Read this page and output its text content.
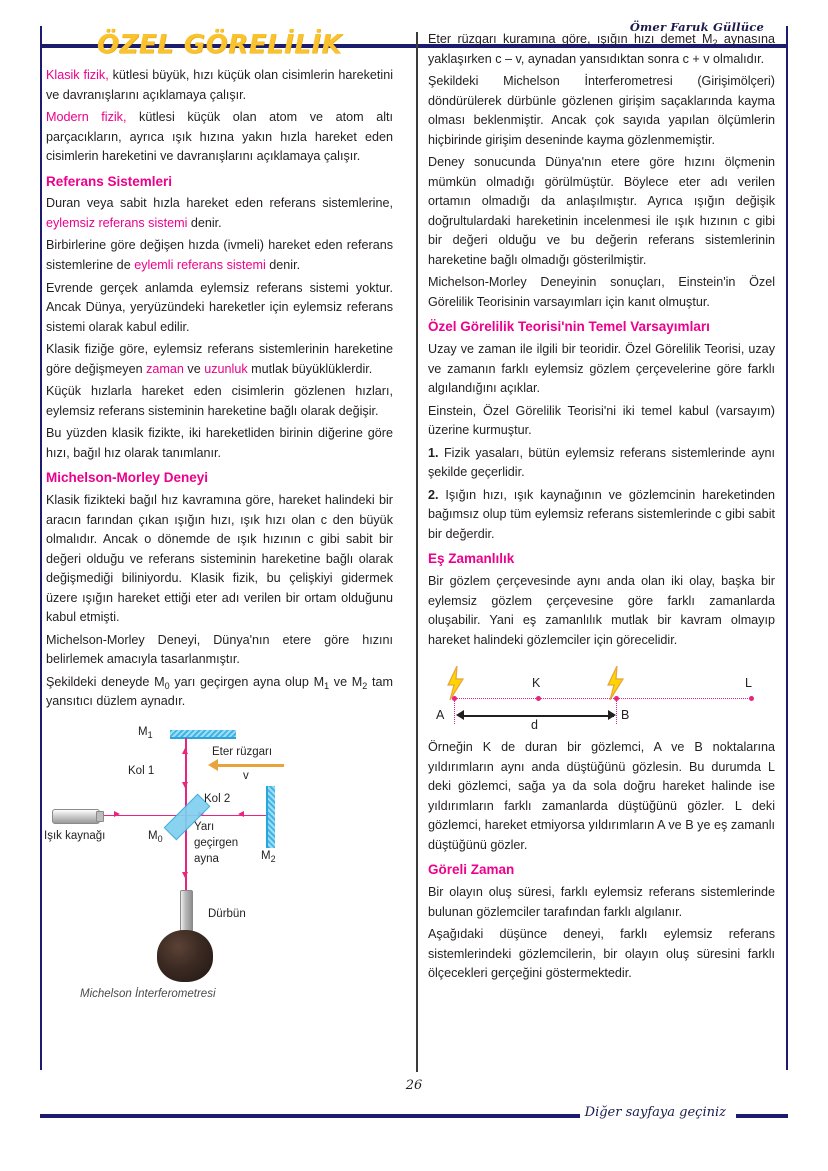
Ömer Faruk Güllüce
ÖZEL GÖRELİLİK

Klasik fizik, kütlesi büyük, hızı küçük olan cisimlerin hareketini ve davranışlarını açıklamaya çalışır.

Modern fizik, kütlesi küçük olan atom ve atom altı parçacıkların, ayrıca ışık hızına yakın hızla hareket eden cisimlerin hareketini ve davranışlarını açıklamaya çalışır.

Referans Sistemleri

Duran veya sabit hızla hareket eden referans sistemlerine, eylemsiz referans sistemi denir.

Birbirlerine göre değişen hızda (ivmeli) hareket eden referans sistemlerine de eylemli referans sistemi denir.

Evrende gerçek anlamda eylemsiz referans sistemi yoktur. Ancak Dünya, yeryüzündeki hareketler için eylemsiz referans sistemi olarak kabul edilir.

Klasik fiziğe göre, eylemsiz referans sistemlerinin hareketine göre değişmeyen zaman ve uzunluk mutlak büyüklüklerdir.

Küçük hızlarla hareket eden cisimlerin gözlenen hızları, eylemsiz referans sisteminin hareketine bağlı olarak değişir.

Bu yüzden klasik fizikte, iki hareketliden birinin diğerine göre hızı, bağıl hız olarak tanımlanır.

Michelson-Morley Deneyi

Klasik fizikteki bağıl hız kavramına göre, hareket halindeki bir aracın farından çıkan ışığın hızı, ışık hızı olan c den büyük olmalıdır. Ancak o dönemde de ışık hızının c gibi sabit bir değeri olduğu ve referans sisteminin hareketine bağlı olarak değişmediği biliniyordu. Klasik fizik, bu çelişkiyi gidermek üzere ışığın hareket ettiği eter adı verilen bir ortam olduğunu kabul etmişti.

Michelson-Morley Deneyi, Dünya'nın etere göre hızını belirlemek amacıyla tasarlanmıştır.

Şekildeki deneyde $M_0$ yarı geçirgen ayna olup $M_1$ ve $M_2$ tam yansıtıcı düzlem aynadır.

$M_1$
Kol 1
$M_0$
Yarı
geçirgen
ayna
Kol 2
$M_2$
Işık kaynağı
Eter rüzgarı
v
Dürbün
Michelson İnterferometresi

Eter rüzgarı kuramına göre, ışığın hızı demet $M_2$ aynasına yaklaşırken c – v, aynadan yansıdıktan sonra c + v olmalıdır.

Şekildeki Michelson İnterferometresi (Girişimölçeri) döndürülerek dürbünle gözlenen girişim saçaklarında kayma olması beklenmiştir. Ancak çok sayıda yapılan ölçümlerin hiçbirinde girişim deseninde kayma gözlenmemiştir.

Deney sonucunda Dünya'nın etere göre hızını ölçmenin mümkün olmadığı görülmüştür. Böylece eter adı verilen ortamın olmadığı da anlaşılmıştır. Ayrıca ışığın değişik doğrultulardaki hareketinin incelenmesi ile ışık hızının c gibi bir değeri olduğu ve bu değerin referans sistemlerinin hareketine bağlı olmadığı gösterilmiştir.

Michelson-Morley Deneyinin sonuçları, Einstein'in Özel Görelilik Teorisinin varsayımları için kanıt olmuştur.

Özel Görelilik Teorisi'nin Temel Varsayımları

Uzay ve zaman ile ilgili bir teoridir. Özel Görelilik Teorisi, uzay ve zamanın farklı eylemsiz gözlem çerçevelerine göre farklı algılandığını açıklar.

Einstein, Özel Görelilik Teorisi'ni iki temel kabul (varsayım) üzerine kurmuştur.

1. Fizik yasaları, bütün eylemsiz referans sistemlerinde aynı şekilde geçerlidir.

2. Işığın hızı, ışık kaynağının ve gözlemcinin hareketinden bağımsız olup tüm eylemsiz referans sistemlerinde c gibi sabit bir değerdir.

Eş Zamanlılık

Bir gözlem çerçevesinde aynı anda olan iki olay, başka bir eylemsiz gözlem çerçevesine göre farklı zamanlarda oluşabilir. Yani eş zamanlılık mutlak bir kavram olmayıp hareket halindeki gözlemciler için görecelidir.

K	L
A	B
d

Örneğin K de duran bir gözlemci, A ve B noktalarına yıldırımların aynı anda düştüğünü gözlesin. Bu durumda L deki gözlemci, sağa ya da sola doğru hareket halinde ise yıldırımların farklı zamanlarda düştüğünü gözler. L deki gözlemci, hareket etmiyorsa yıldırımların A ve B ye eş zamanlı düştüğünü gözler.

Göreli Zaman

Bir olayın oluş süresi, farklı eylemsiz referans sistemlerinde bulunan gözlemciler tarafından farklı algılanır.

Aşağıdaki düşünce deneyi, farklı eylemsiz referans sistemlerindeki gözlemcilerin, bir olayın oluş süresini farklı ölçecekleri gerçeğini göstermektedir.

26
Diğer sayfaya geçiniz
